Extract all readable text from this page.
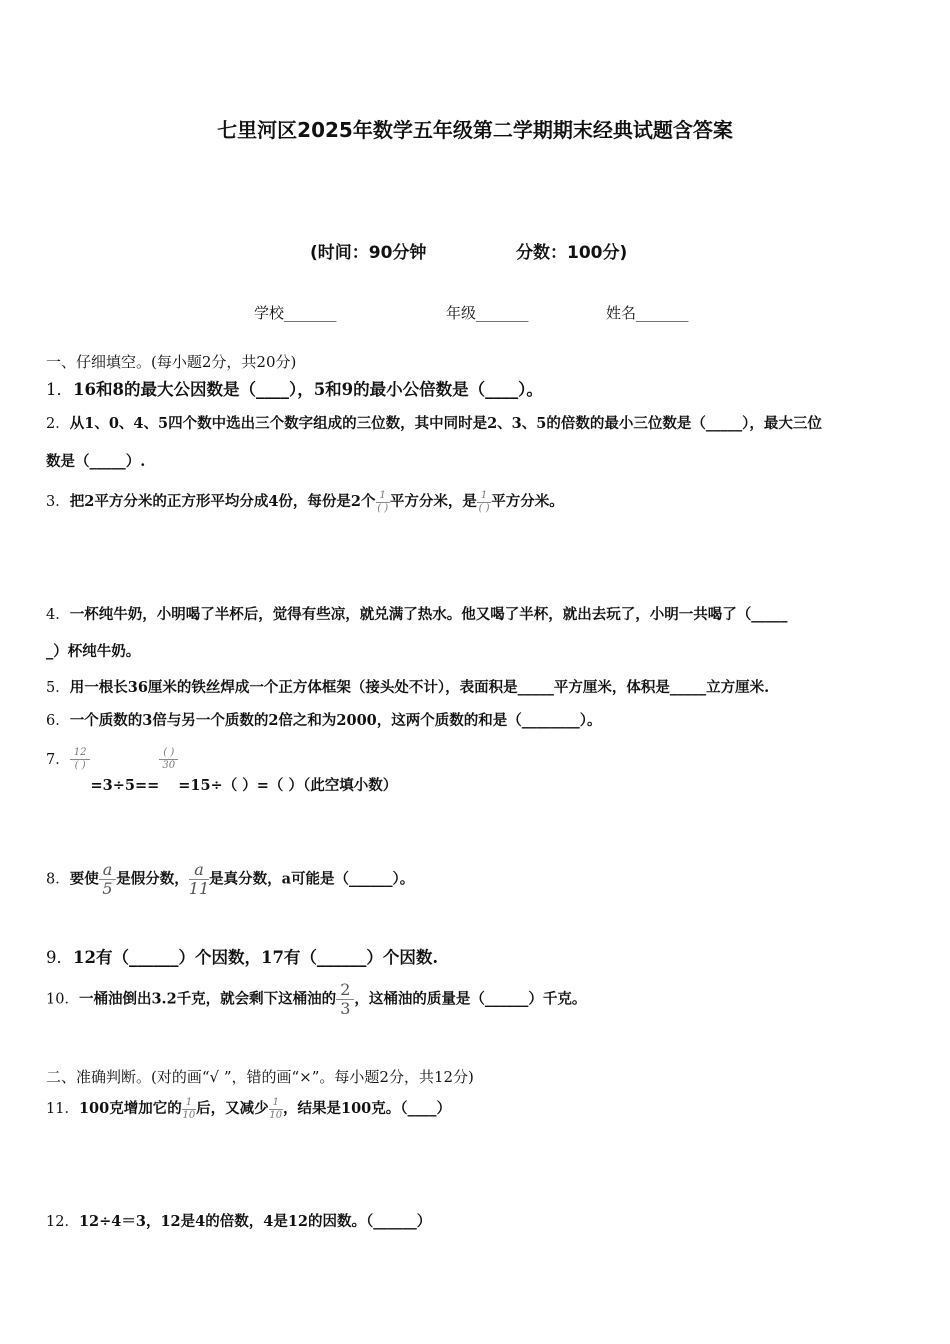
七里河区2025年数学五年级第二学期期末经典试题含答案
(时间：90分钟	分数：100分)
学校_______	年级_______	姓名_______
一、仔细填空。(每小题2分，共20分)
1．16和8的最大公因数是（____），5和9的最小公倍数是（____）。
2．从1、0、4、5四个数中选出三个数字组成的三位数，其中同时是2、3、5的倍数的最小三位数是（_____），最大三位
数是（_____）.
3．把2平方分米的正方形平均分成4份，每份是2个 $\frac{1}{( )}$ 平方分米，是 $\frac{1}{( )}$ 平方分米。
4．一杯纯牛奶，小明喝了半杯后，觉得有些凉，就兑满了热水。他又喝了半杯，就出去玩了，小明一共喝了（_____
_）杯纯牛奶。
5．用一根长36厘米的铁丝焊成一个正方体框架（接头处不计），表面积是_____平方厘米，体积是_____立方厘米.
6．一个质数的3倍与另一个质数的2倍之和为2000，这两个质数的和是（________）。
7． $\frac{12}{( )}$
=3÷5==
$\frac{( )}{30}$
=15÷（ ）=（ ）（此空填小数）
8．要使 $\frac{a}{5}$ 是假分数， $\frac{a}{11}$ 是真分数，a可能是（______）。
9．12有（______）个因数，17有（______）个因数.
10．一桶油倒出3.2千克，就会剩下这桶油的 $\frac{2}{3}$ ，这桶油的质量是（______）千克。
二、准确判断。(对的画“√ ”，错的画“×”。每小题2分，共12分)
11．100克增加它的 $\frac{1}{10}$ 后，又减少 $\frac{1}{10}$ ，结果是100克。（____）
12．12÷4＝3，12是4的倍数，4是12的因数。（______）
